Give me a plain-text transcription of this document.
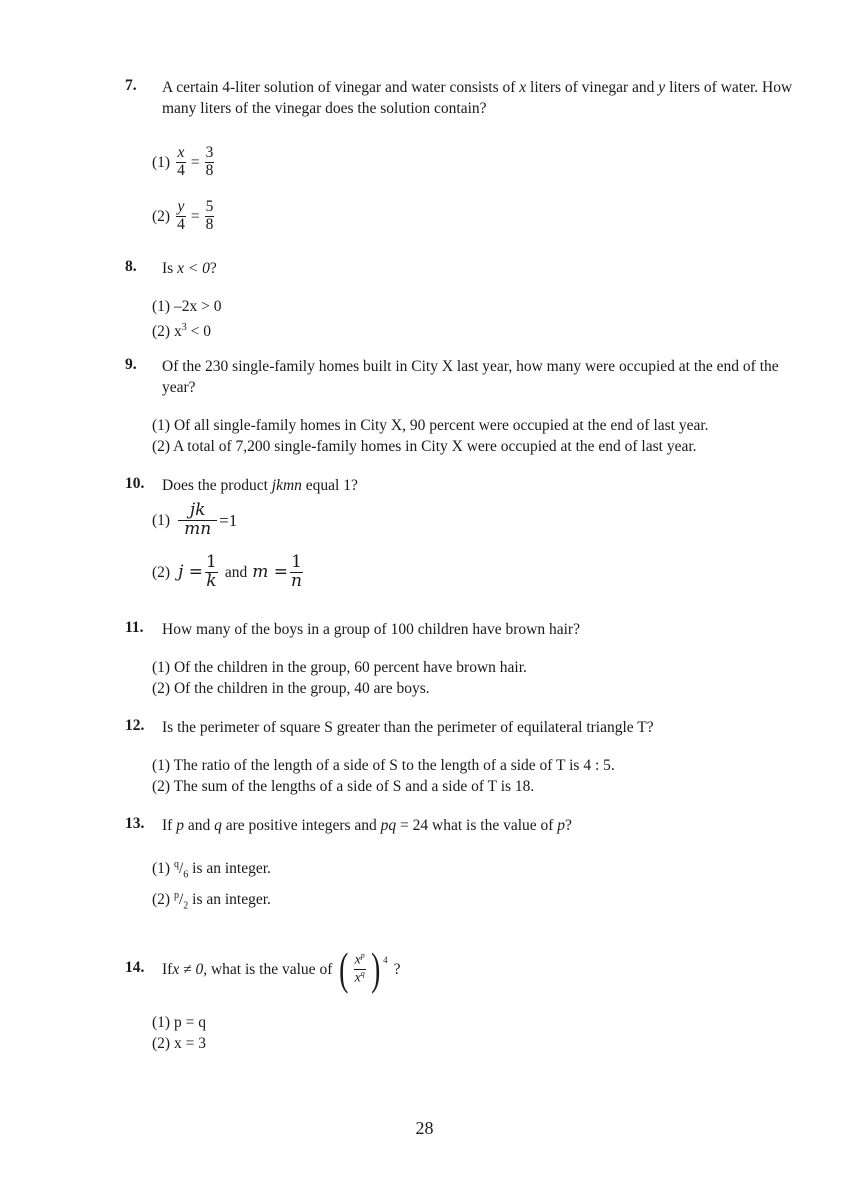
7.	A certain 4-liter solution of vinegar and water consists of x liters of vinegar and y liters of water. How many liters of the vinegar does the solution contain?
$(1) \frac{x}{4} = \frac{3}{8}$
$(2) \frac{y}{4} = \frac{5}{8}$
8.	Is x < 0?
(1) –2x > 0
(2) $x^3 < 0$
9.	Of the 230 single-family homes built in City X last year, how many were occupied at the end of the year?
(1) Of all single-family homes in City X, 90 percent were occupied at the end of last year.
(2) A total of 7,200 single-family homes in City X were occupied at the end of last year.
10.	Does the product jkmn equal 1?
$(1) \frac{jk}{mn} =1$
(2) $j = \frac{1}{k}$ and $m = \frac{1}{n}$
11.	How many of the boys in a group of 100 children have brown hair?
(1) Of the children in the group, 60 percent have brown hair.
(2) Of the children in the group, 40 are boys.
12.	Is the perimeter of square S greater than the perimeter of equilateral triangle T?
(1) The ratio of the length of a side of S to the length of a side of T is 4 : 5.
(2) The sum of the lengths of a side of S and a side of T is 18.
13.	If p and q are positive integers and pq = 24 what is the value of p?
(1) $^q/_6$ is an integer.
(2) $^p/_2$ is an integer.
14.	If x ≠ 0 , what is the value of ( $\frac{x^p}{x^q}$ ) $^4$
?
(1) p = q
(2) x = 3
28
